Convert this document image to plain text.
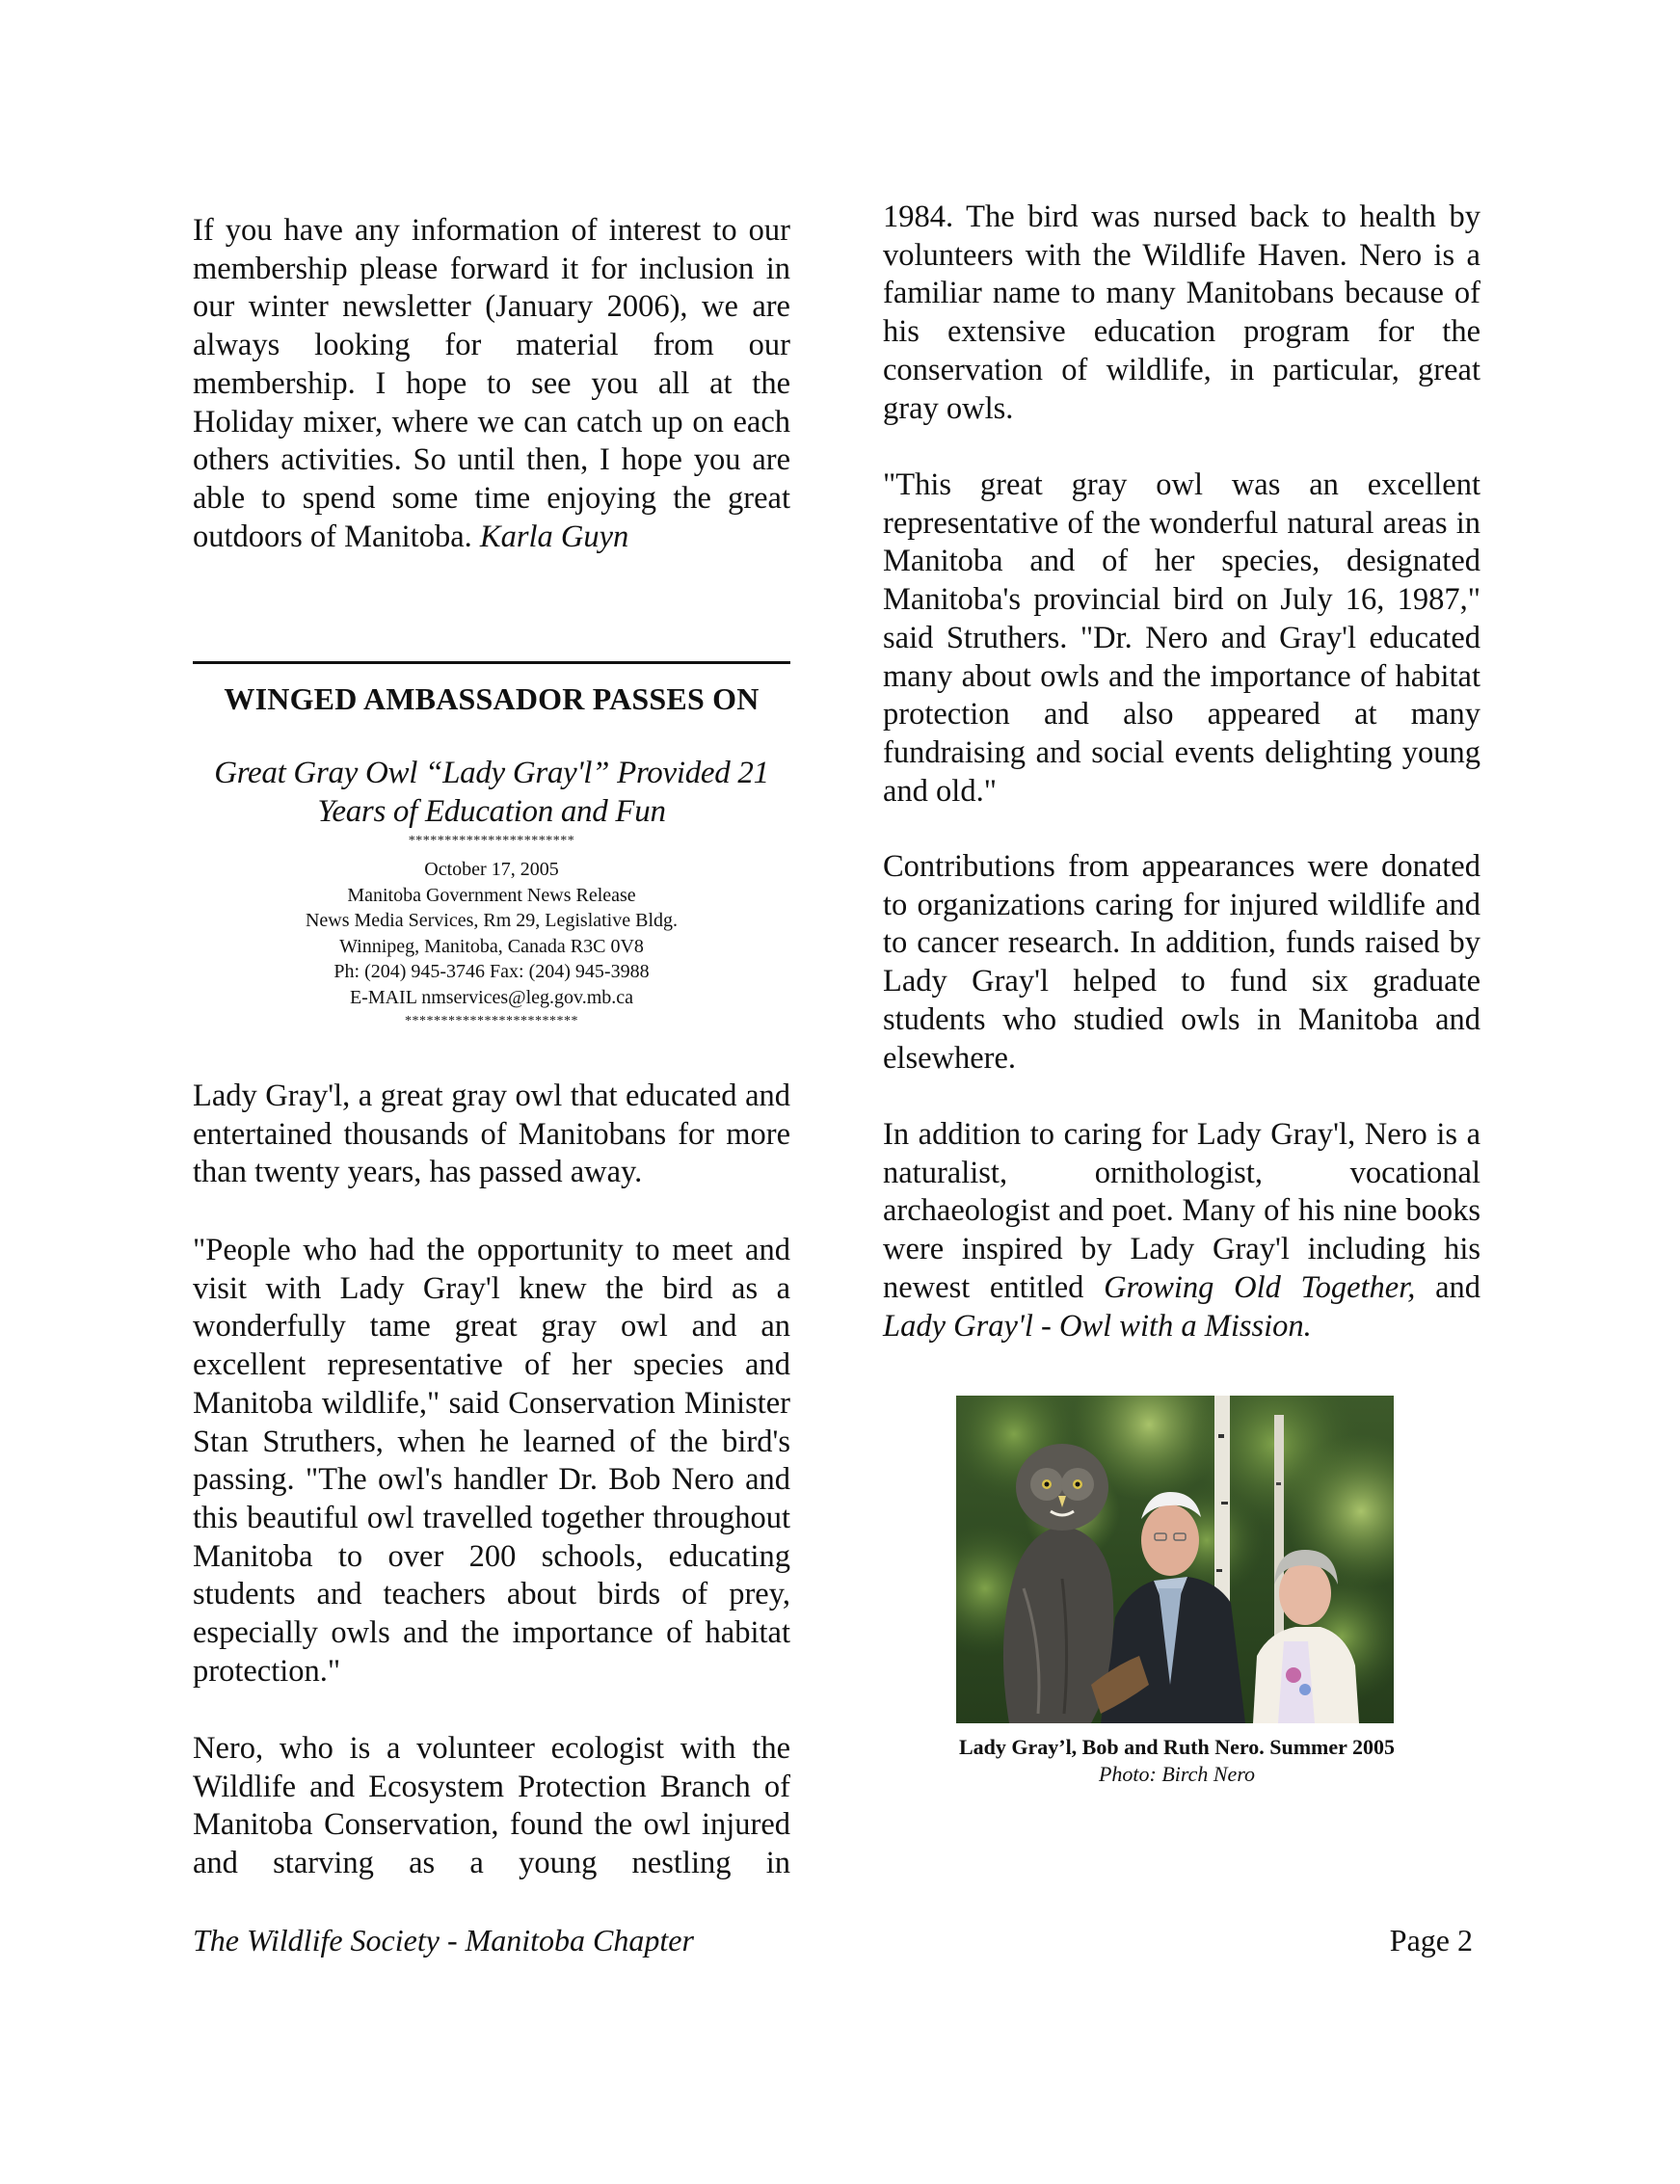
If you have any information of interest to our membership please forward it for inclusion in our winter newsletter (January 2006), we are always looking for material from our membership. I hope to see you all at the Holiday mixer, where we can catch up on each others activities. So until then, I hope you are able to spend some time enjoying the great outdoors of Manitoba. Karla Guyn

WINGED AMBASSADOR PASSES ON
Great Gray Owl “Lady Gray'l” Provided 21
Years of Education and Fun
***********************
October 17, 2005
Manitoba Government News Release
News Media Services, Rm 29, Legislative Bldg.
Winnipeg, Manitoba, Canada R3C 0V8
Ph: (204) 945-3746 Fax: (204) 945-3988
E-MAIL nmservices@leg.gov.mb.ca
************************

Lady Gray'l, a great gray owl that educated and entertained thousands of Manitobans for more than twenty years, has passed away.

"People who had the opportunity to meet and visit with Lady Gray'l knew the bird as a wonderfully tame great gray owl and an excellent representative of her species and Manitoba wildlife," said Conservation Minister Stan Struthers, when he learned of the bird's passing. "The owl's handler Dr. Bob Nero and this beautiful owl travelled together throughout Manitoba to over 200 schools, educating students and teachers about birds of prey, especially owls and the importance of habitat protection."

Nero, who is a volunteer ecologist with the Wildlife and Ecosystem Protection Branch of Manitoba Conservation, found the owl injured and starving as a young nestling in

1984. The bird was nursed back to health by volunteers with the Wildlife Haven. Nero is a familiar name to many Manitobans because of his extensive education program for the conservation of wildlife, in particular, great gray owls.

"This great gray owl was an excellent representative of the wonderful natural areas in Manitoba and of her species, designated Manitoba's provincial bird on July 16, 1987," said Struthers. "Dr. Nero and Gray'l educated many about owls and the importance of habitat protection and also appeared at many fundraising and social events delighting young and old."

Contributions from appearances were donated to organizations caring for injured wildlife and to cancer research. In addition, funds raised by Lady Gray'l helped to fund six graduate students who studied owls in Manitoba and elsewhere.

In addition to caring for Lady Gray'l, Nero is a naturalist, ornithologist, vocational archaeologist and poet. Many of his nine books were inspired by Lady Gray'l including his newest entitled Growing Old Together, and Lady Gray'l - Owl with a Mission.

Lady Gray’l, Bob and Ruth Nero. Summer 2005
Photo: Birch Nero
The Wildlife Society - Manitoba Chapter	Page 2
